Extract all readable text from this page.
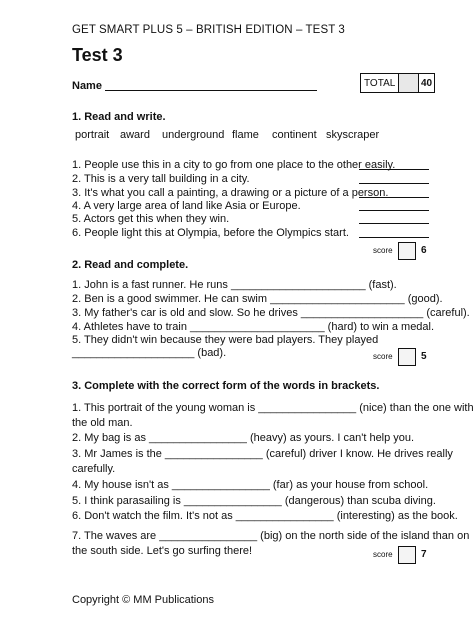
GET SMART PLUS 5 – BRITISH EDITION – TEST 3
Test 3
Name	TOTAL	40
1. Read and write.
portrait award	underground flame	continent skyscraper
1. People use this in a city to go from one place to the other easily.
2. This is a very tall building in a city.
3. It's what you call a painting, a drawing or a picture of a person.
4. A very large area of land like Asia or Europe.
5. Actors get this when they win.
6. People light this at Olympia, before the Olympics start.
score	6
2. Read and complete.
1. John is a fast runner. He runs ______________________ (fast).
2. Ben is a good swimmer. He can swim ______________________ (good).
3. My father's car is old and slow. So he drives ____________________ (careful).
4. Athletes have to train ______________________ (hard) to win a medal.
5. They didn't win because they were bad players. They played
____________________ (bad).	score	5
3. Complete with the correct form of the words in brackets.
1. This portrait of the young woman is ________________ (nice) than the one with
the old man.
2. My bag is as ________________ (heavy) as yours. I can't help you.
3. Mr James is the ________________ (careful) driver I know. He drives really
carefully.
4. My house isn't as ________________ (far) as your house from school.
5. I think parasailing is ________________ (dangerous) than scuba diving.
6. Don't watch the film. It's not as ________________ (interesting) as the book.
7. The waves are ________________ (big) on the north side of the island than on
the south side. Let's go surfing there!	score	7
Copyright © MM Publications
